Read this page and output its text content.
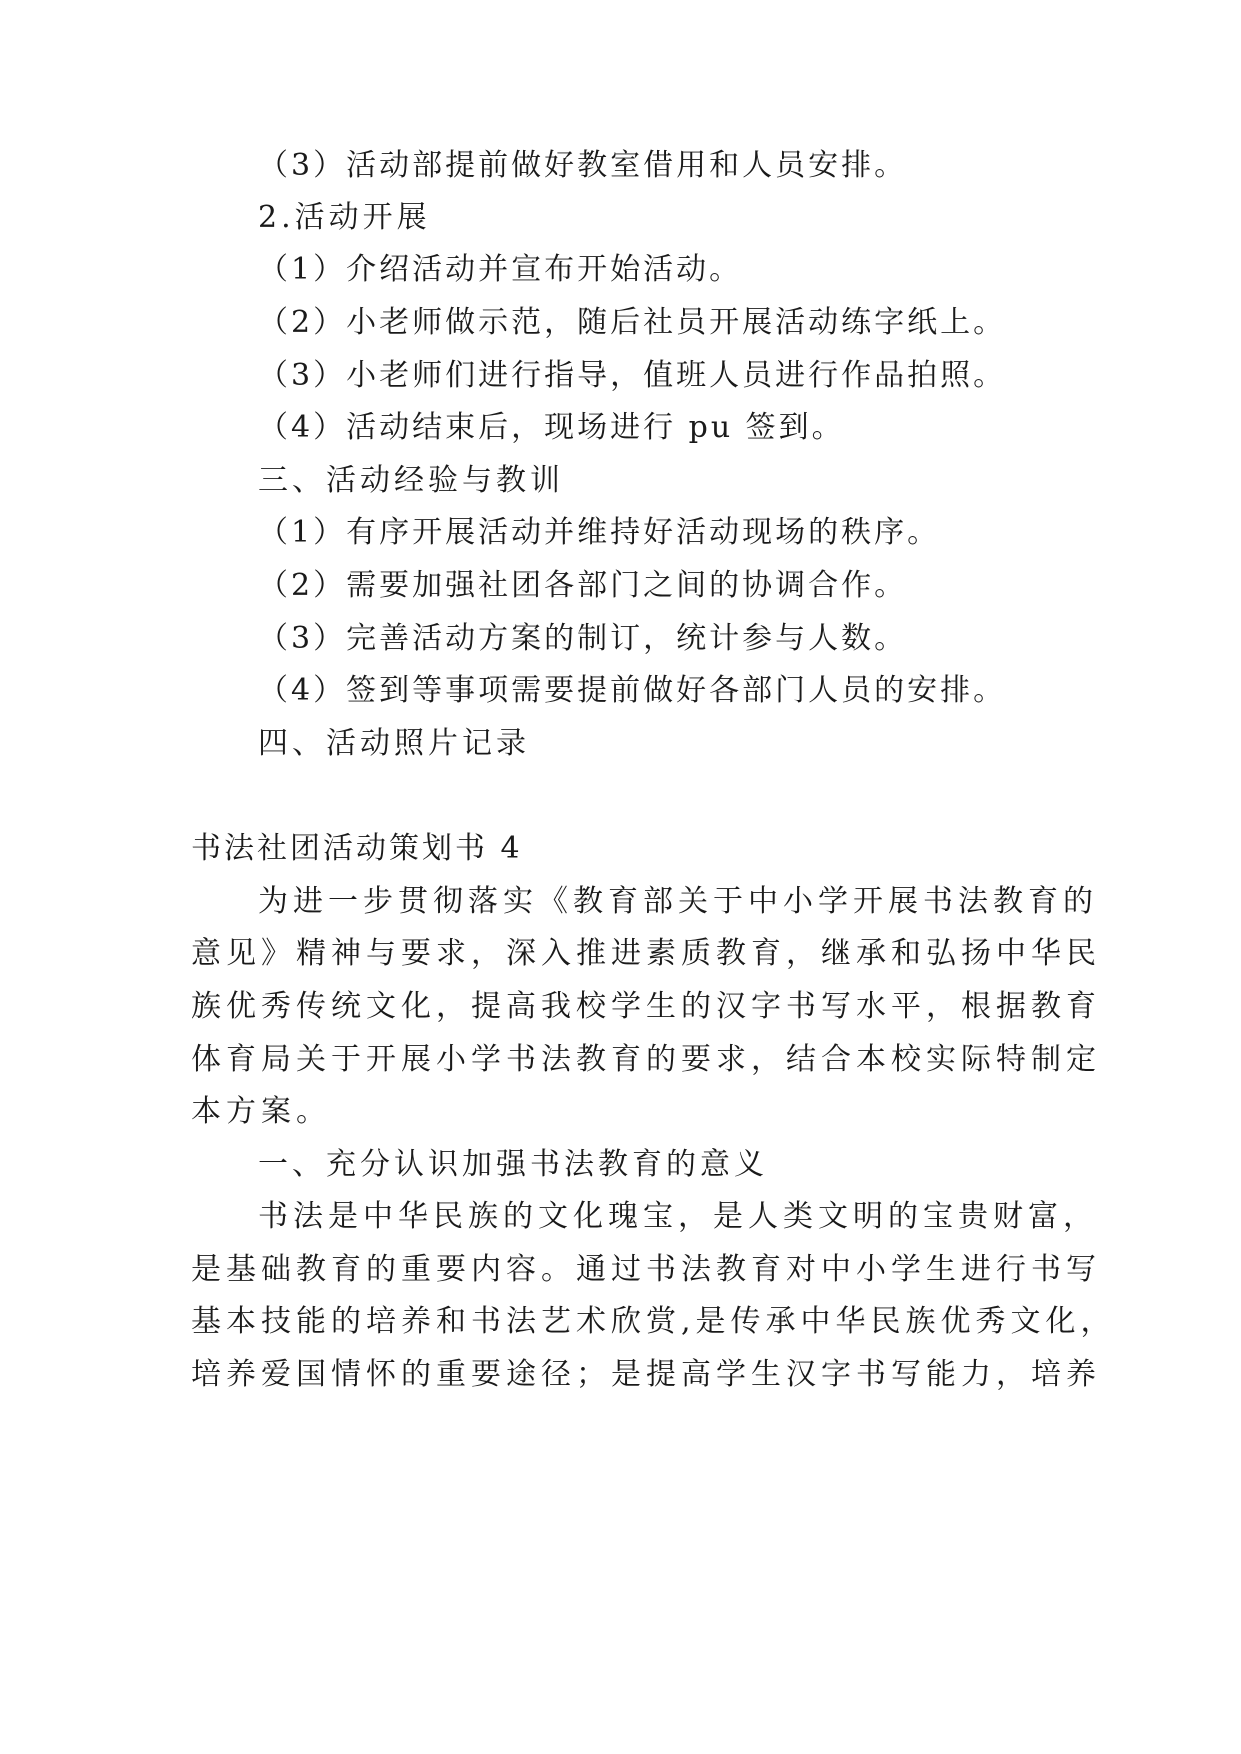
（3）活动部提前做好教室借用和人员安排。
2.活动开展
（1）介绍活动并宣布开始活动。
（2）小老师做示范，随后社员开展活动练字纸上。
（3）小老师们进行指导，值班人员进行作品拍照。
（4）活动结束后，现场进行 pu 签到。
三、活动经验与教训
（1）有序开展活动并维持好活动现场的秩序。
（2）需要加强社团各部门之间的协调合作。
（3）完善活动方案的制订，统计参与人数。
（4）签到等事项需要提前做好各部门人员的安排。
四、活动照片记录
书法社团活动策划书 4
为进一步贯彻落实《教育部关于中小学开展书法教育的
意见》精神与要求，深入推进素质教育，继承和弘扬中华民
族优秀传统文化，提高我校学生的汉字书写水平，根据教育
体育局关于开展小学书法教育的要求，结合本校实际特制定
本方案。
一、充分认识加强书法教育的意义
书法是中华民族的文化瑰宝，是人类文明的宝贵财富，
是基础教育的重要内容。通过书法教育对中小学生进行书写
基本技能的培养和书法艺术欣赏,是传承中华民族优秀文化，
培养爱国情怀的重要途径；是提高学生汉字书写能力，培养
